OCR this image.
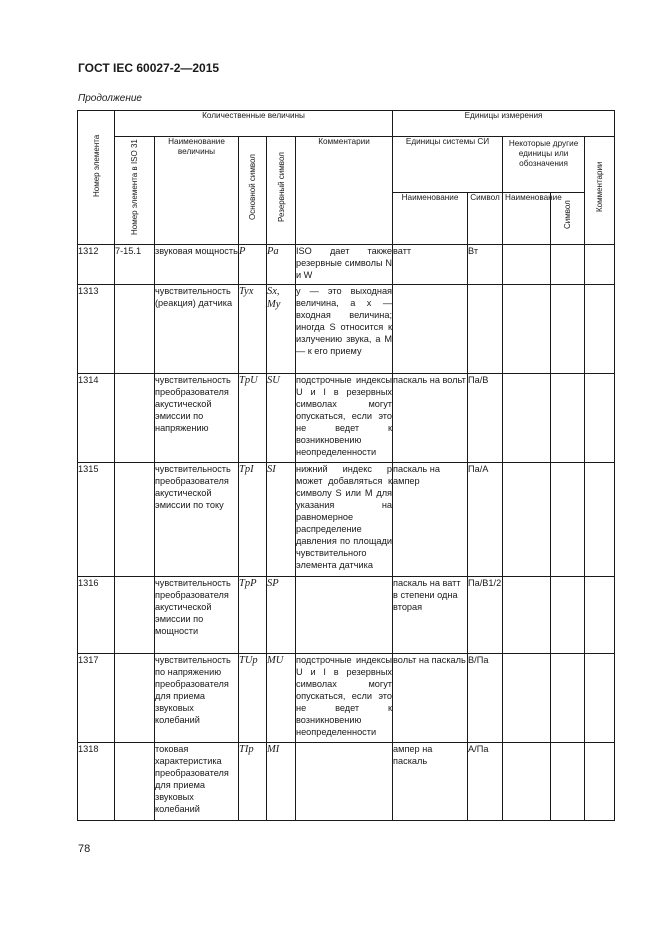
ГОСТ IEC 60027-2—2015
Продолжение
Номер элемента	Количественные величины					Единицы измерения				

	Номер элемента в ISO 31	Наименование величины	Основной символ	Резервный символ	Комментарии	Единицы системы СИ		Некоторые другие единицы или обозначения		Комментарии

						Наименование	Символ	Наименование	Символ	

1312	7-15.1	звуковая мощность	P	Pa	ISO дает также резервные символы N и W	ватт	Вт			
1313		чувствительность (реакция) датчика	Tyx	Sx, My	y — это выходная величина, а x — входная величина; иногда S относится к излучению звука, а M — к его приему					
1314		чувствительность преобразователя акустической эмиссии по напряжению	TpU	SU	подстрочные индексы U и I в резервных символах могут опускаться, если это не ведет к возникновению неопределенности	паскаль на вольт	Па/В			
1315		чувствительность преобразователя акустической эмиссии по току	TpI	SI	нижний индекс p может добавляться к символу S или M для указания на равномерное распределение давления по площади чувствительного элемента датчика	паскаль на ампер	Па/А			
1316		чувствительность преобразователя акустической эмиссии по мощности	TpP	SP		паскаль на ватт в степени одна вторая	Па/В1/2			
1317		чувствительность по напряжению преобразователя для приема звуковых колебаний	TUp	MU	подстрочные индексы U и I в резервных символах могут опускаться, если это не ведет к возникновению неопределенности	вольт на паскаль	В/Па			
1318		токовая характеристика преобразователя для приема звуковых колебаний	TIp	MI		ампер на паскаль	А/Па			
78
